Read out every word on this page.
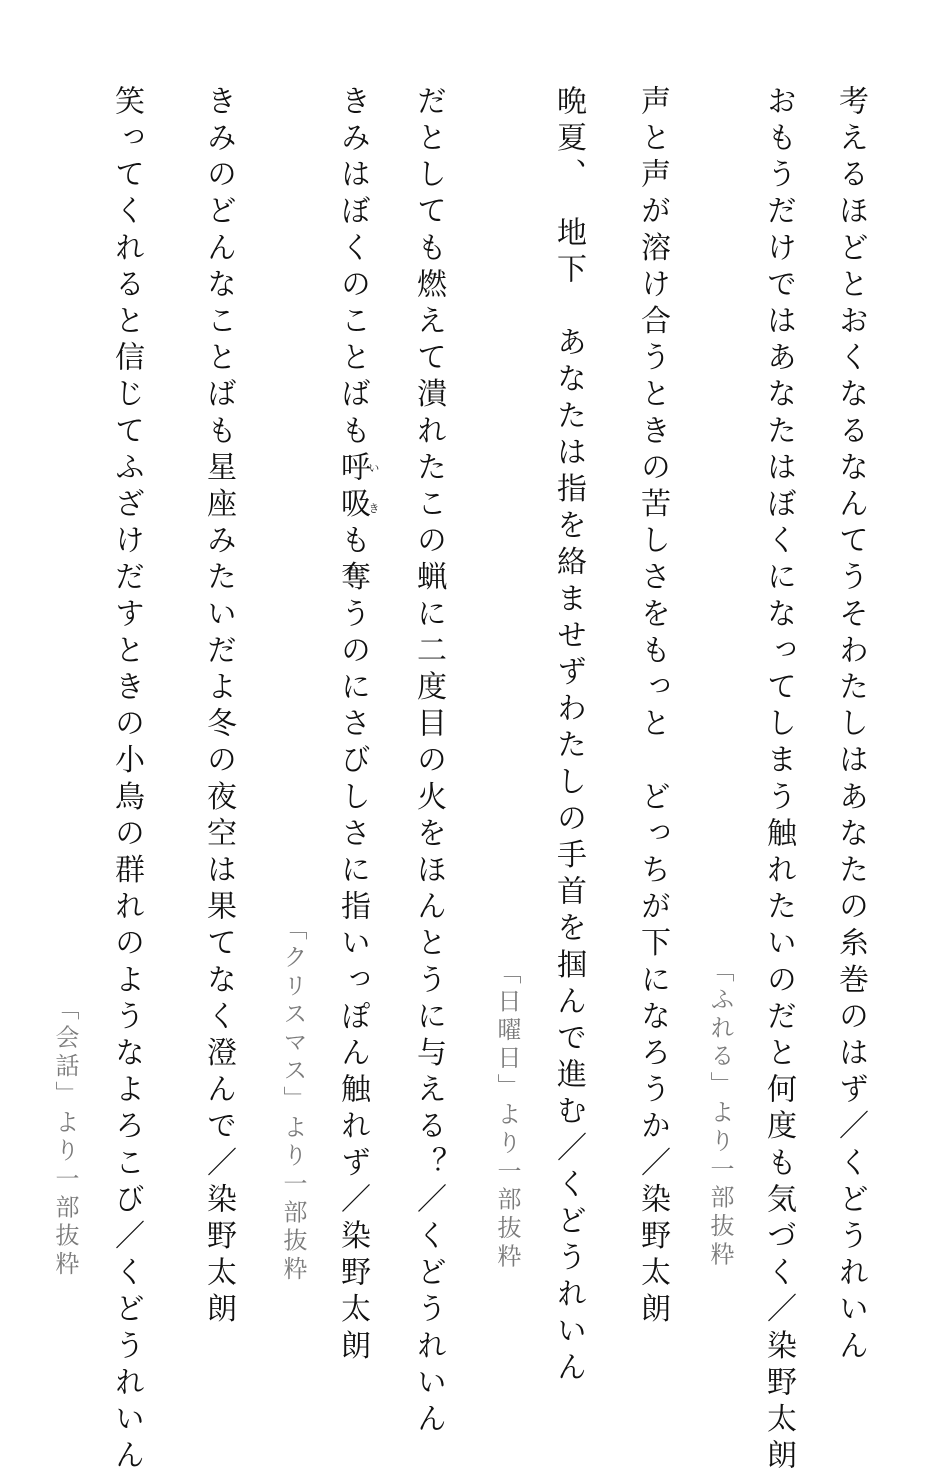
考えるほどとおくなるなんてうそわたしはあなたの糸巻のはず／くどうれいん
おもうだけではあなたはぼくになってしまう触れたいのだと何度も気づく／染野太朗
「ふれる」より一部抜粋
声と声が溶け合うときの苦しさをもっと　どっちが下になろうか／染野太朗
晩夏、　地下　あなたは指を絡ませずわたしの手首を掴んで進む／くどうれいん
「日曜日」より一部抜粋
だとしても燃えて潰れたこの蝋に二度目の火をほんとうに与える？／くどうれいん
きみはぼくのことばも呼吸いきも奪うのにさびしさに指いっぽん触れず／染野太朗
「クリスマス」より一部抜粋
きみのどんなことばも星座みたいだよ冬の夜空は果てなく澄んで／染野太朗
笑ってくれると信じてふざけだすときの小鳥の群れのようなよろこび／くどうれいん
「会話」より一部抜粋
